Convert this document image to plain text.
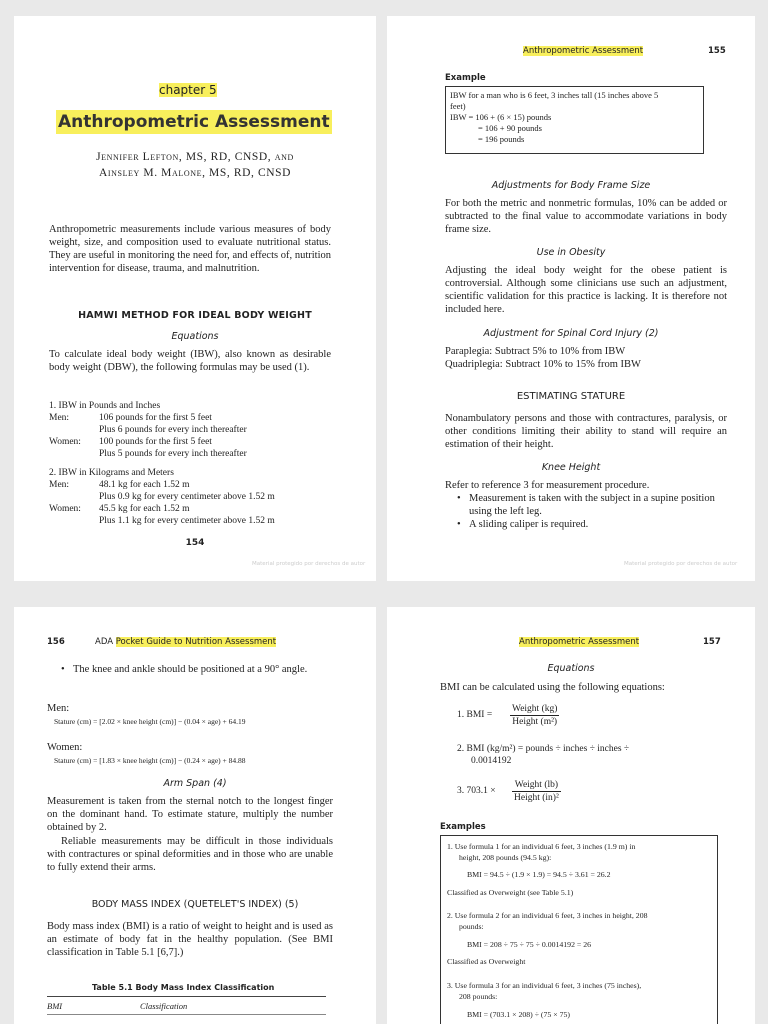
chapter 5
Anthropometric Assessment
Jennifer Lefton, MS, RD, CNSD, and
Ainsley M. Malone, MS, RD, CNSD
Anthropometric measurements include various measures of body weight, size, and composition used to evaluate nutritional status. They are useful in monitoring the need for, and effects of, nutrition intervention for disease, trauma, and malnutrition.
HAMWI METHOD FOR IDEAL BODY WEIGHT
Equations
To calculate ideal body weight (IBW), also known as desirable body weight (DBW), the following formulas may be used (1).
1. IBW in Pounds and Inches
Men:	106 pounds for the first 5 feet
Plus 6 pounds for every inch thereafter
Women: 100 pounds for the first 5 feet
Plus 5 pounds for every inch thereafter
2. IBW in Kilograms and Meters
Men:	48.1 kg for each 1.52 m
Plus 0.9 kg for every centimeter above 1.52 m
Women: 45.5 kg for each 1.52 m
Plus 1.1 kg for every centimeter above 1.52 m
154
Material protegido por derechos de autor
Anthropometric Assessment	155
Example
IBW for a man who is 6 feet, 3 inches tall (15 inches above 5
feet)
IBW = 106 + (6 × 15) pounds
= 106 + 90 pounds
= 196 pounds
Adjustments for Body Frame Size
For both the metric and nonmetric formulas, 10% can be added or subtracted to the final value to accommodate variations in body frame size.
Use in Obesity
Adjusting the ideal body weight for the obese patient is controversial. Although some clinicians use such an adjustment, scientific validation for this practice is lacking. It is therefore not included here.
Adjustment for Spinal Cord Injury (2)
Paraplegia: Subtract 5% to 10% from IBW
Quadriplegia: Subtract 10% to 15% from IBW
ESTIMATING STATURE
Nonambulatory persons and those with contractures, paralysis, or other conditions limiting their ability to stand will require an estimation of their height.
Knee Height
Refer to reference 3 for measurement procedure.
• Measurement is taken with the subject in a supine position using the left leg.
• A sliding caliper is required.
Material protegido por derechos de autor
156	ADA Pocket Guide to Nutrition Assessment
• The knee and ankle should be positioned at a 90° angle.
Men:
Stature (cm) = [2.02 × knee height (cm)] − (0.04 × age) + 64.19
Women:
Stature (cm) = [1.83 × knee height (cm)] − (0.24 × age) + 84.88
Arm Span (4)
Measurement is taken from the sternal notch to the longest finger on the dominant hand. To estimate stature, multiply the number obtained by 2.
Reliable measurements may be difficult in those individuals with contractures or spinal deformities and in those who are unable to fully extend their arms.
BODY MASS INDEX (QUETELET'S INDEX) (5)
Body mass index (BMI) is a ratio of weight to height and is used as an estimate of body fat in the healthy population. (See BMI classification in Table 5.1 [6,7].)
Table 5.1 Body Mass Index Classification
BMI	Classification
Anthropometric Assessment	157
Equations
BMI can be calculated using the following equations:
1. BMI =
Weight (kg)
Height (m²)
2. BMI (kg/m²) = pounds ÷ inches ÷ inches ÷
0.0014192
3. 703.1 ×
Weight (lb)
Height (in)²
Examples
1. Use formula 1 for an individual 6 feet, 3 inches (1.9 m) in
height, 208 pounds (94.5 kg):
BMI = 94.5 ÷ (1.9 × 1.9) = 94.5 ÷ 3.61 = 26.2
Classified as Overweight (see Table 5.1)
2. Use formula 2 for an individual 6 feet, 3 inches in height, 208
pounds:
BMI = 208 ÷ 75 ÷ 75 ÷ 0.0014192 = 26
Classified as Overweight
3. Use formula 3 for an individual 6 feet, 3 inches (75 inches),
208 pounds:
BMI = (703.1 × 208) ÷ (75 × 75)
